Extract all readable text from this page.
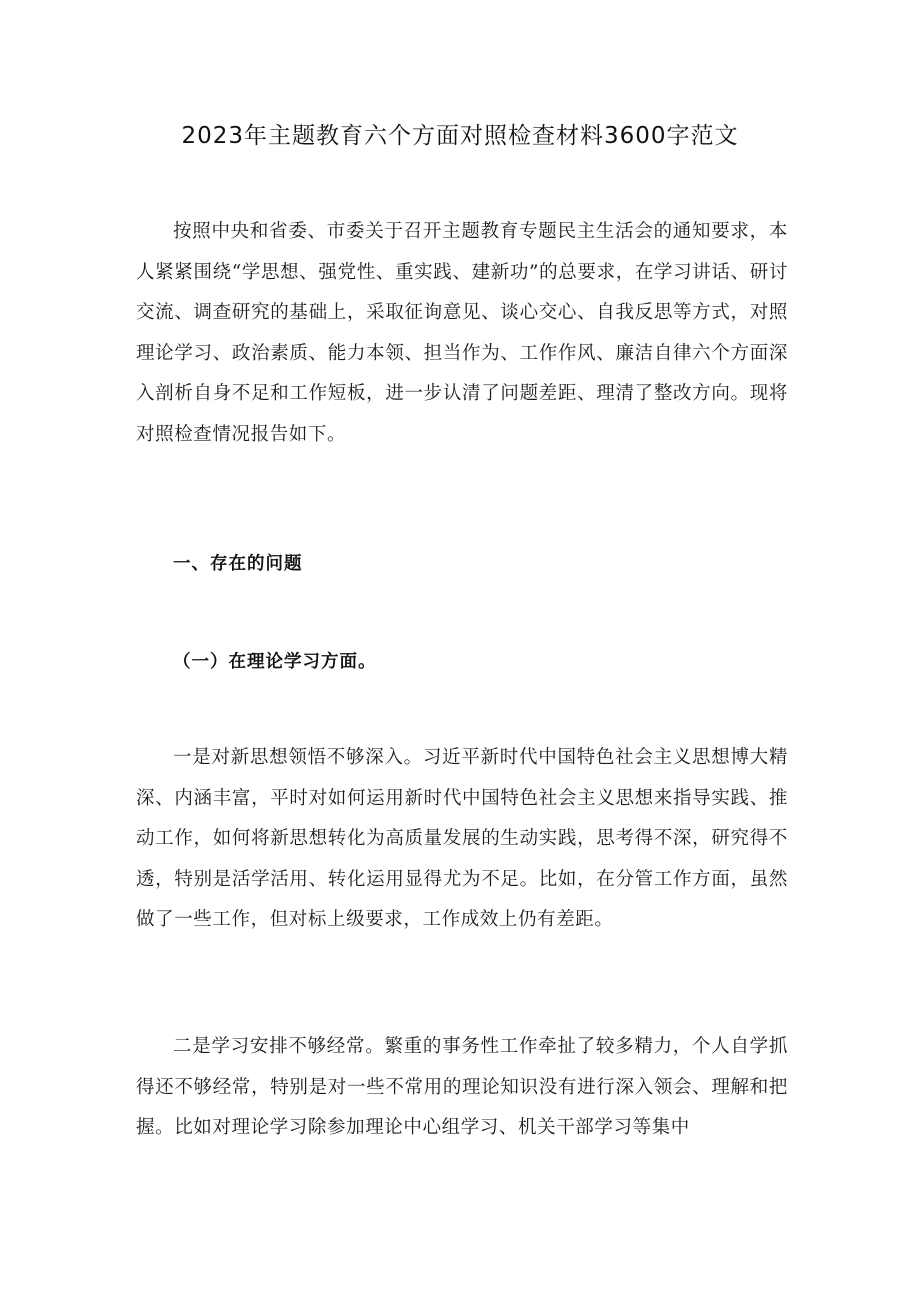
2023年主题教育六个方面对照检查材料3600字范文

按照中央和省委、市委关于召开主题教育专题民主生活会的通知要求，本人紧紧围绕“学思想、强党性、重实践、建新功”的总要求，在学习讲话、研讨交流、调查研究的基础上，采取征询意见、谈心交心、自我反思等方式，对照理论学习、政治素质、能力本领、担当作为、工作作风、廉洁自律六个方面深入剖析自身不足和工作短板，进一步认清了问题差距、理清了整改方向。现将对照检查情况报告如下。

一、存在的问题
（一）在理论学习方面。

一是对新思想领悟不够深入。习近平新时代中国特色社会主义思想博大精深、内涵丰富，平时对如何运用新时代中国特色社会主义思想来指导实践、推动工作，如何将新思想转化为高质量发展的生动实践，思考得不深，研究得不透，特别是活学活用、转化运用显得尤为不足。比如，在分管工作方面，虽然做了一些工作，但对标上级要求，工作成效上仍有差距。

二是学习安排不够经常。繁重的事务性工作牵扯了较多精力，个人自学抓得还不够经常，特别是对一些不常用的理论知识没有进行深入领会、理解和把握。比如对理论学习除参加理论中心组学习、机关干部学习等集中
